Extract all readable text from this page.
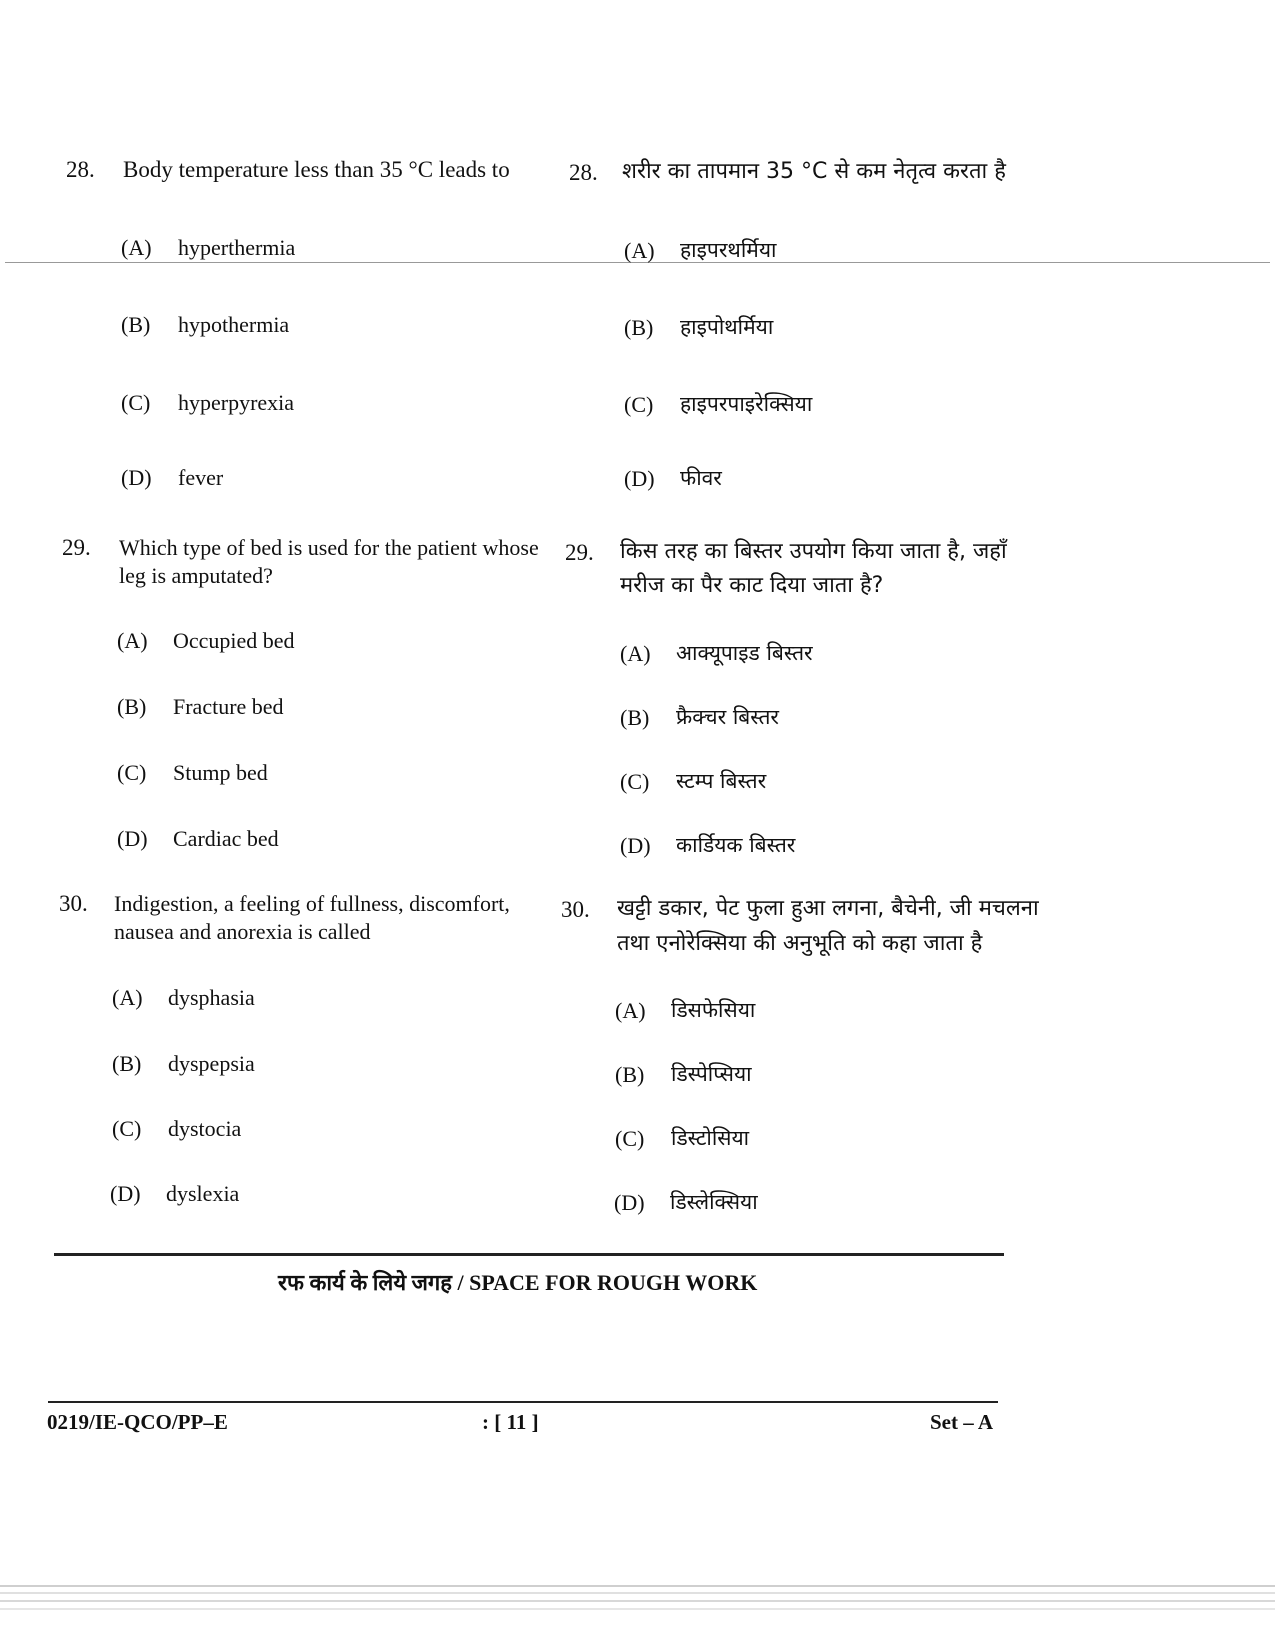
28. Body temperature less than 35 °C leads to
(A) hyperthermia
(B) hypothermia
(C) hyperpyrexia
(D) fever
28. शरीर का तापमान 35 °C से कम नेतृत्व करता है
(A) हाइपरथर्मिया
(B) हाइपोथर्मिया
(C) हाइपरपाइरेक्सिया
(D) फीवर
29. Which type of bed is used for the patient whose
leg is amputated?
(A) Occupied bed
(B) Fracture bed
(C) Stump bed
(D) Cardiac bed
29. किस तरह का बिस्तर उपयोग किया जाता है, जहाँ
मरीज का पैर काट दिया जाता है?
(A) आक्यूपाइड बिस्तर
(B) फ्रैक्चर बिस्तर
(C) स्टम्प बिस्तर
(D) कार्डियक बिस्तर
30. Indigestion, a feeling of fullness, discomfort,
nausea and anorexia is called
(A) dysphasia
(B) dyspepsia
(C) dystocia
(D) dyslexia
30. खट्टी डकार, पेट फुला हुआ लगना, बैचेनी, जी मचलना
तथा एनोरेक्सिया की अनुभूति को कहा जाता है
(A) डिसफेसिया
(B) डिस्पेप्सिया
(C) डिस्टोसिया
(D) डिस्लेक्सिया
रफ कार्य के लिये जगह / SPACE FOR ROUGH WORK
0219/IE-QCO/PP–E	: [ 11 ]	Set – A
